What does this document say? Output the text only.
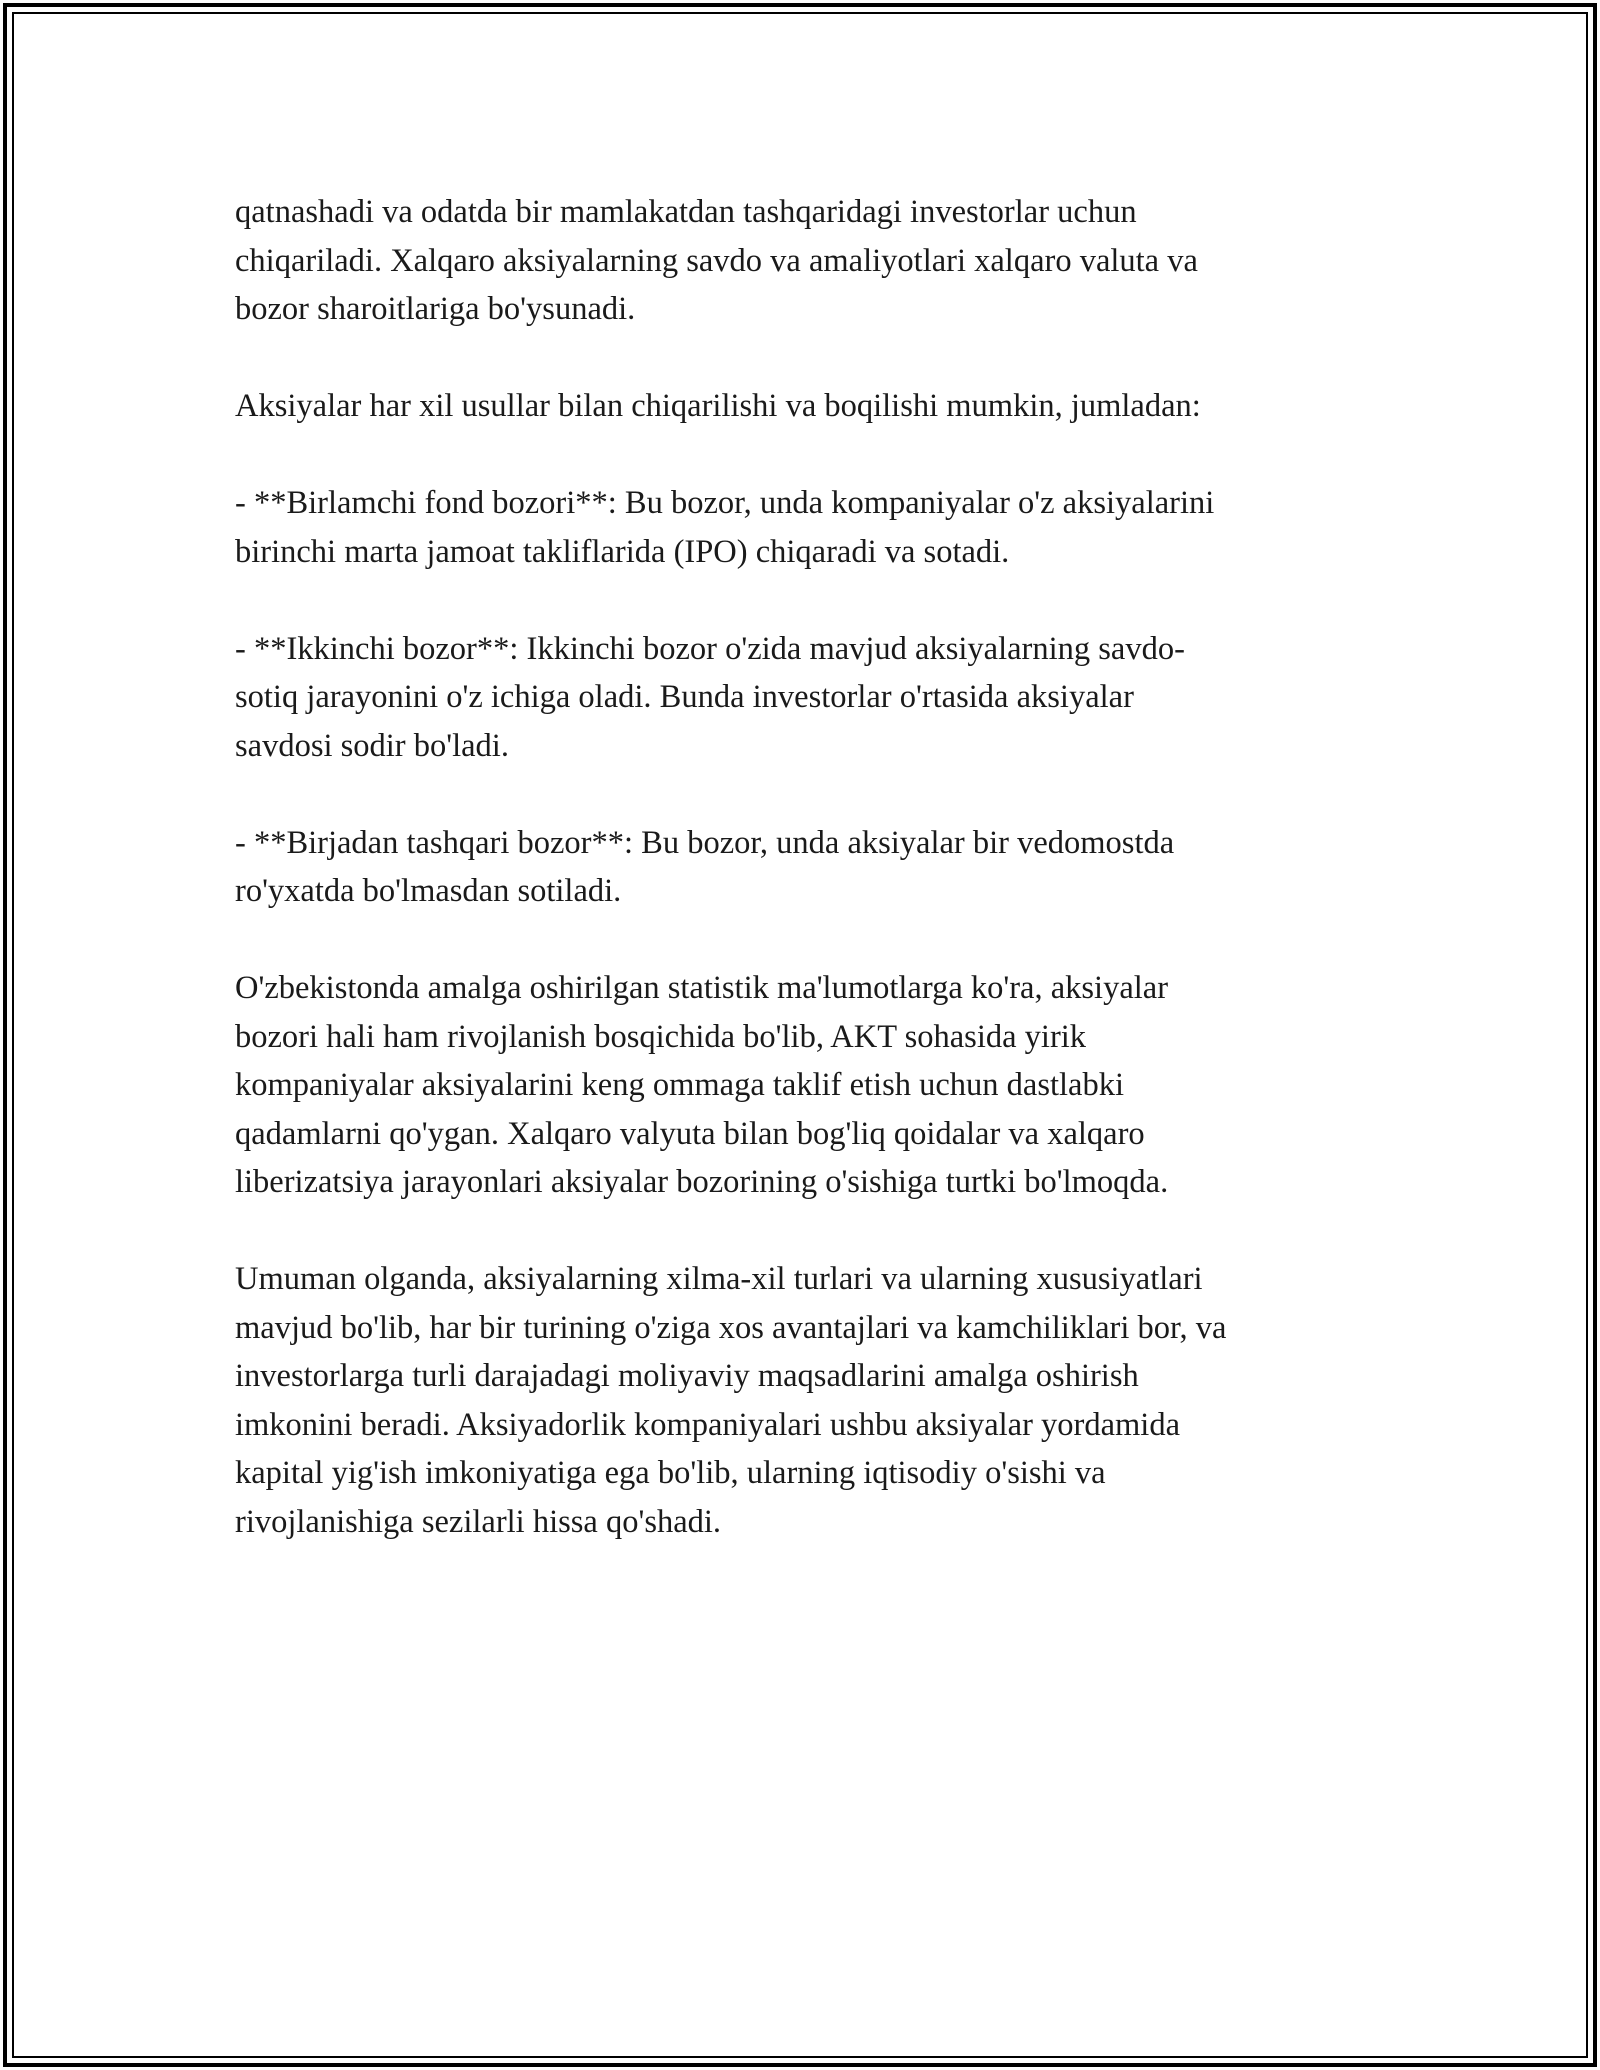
qatnashadi va odatda bir mamlakatdan tashqaridagi investorlar uchun
chiqariladi. Xalqaro aksiyalarning savdo va amaliyotlari xalqaro valuta va
bozor sharoitlariga bo'ysunadi.

Aksiyalar har xil usullar bilan chiqarilishi va boqilishi mumkin, jumladan:

- **Birlamchi fond bozori**: Bu bozor, unda kompaniyalar o'z aksiyalarini
birinchi marta jamoat takliflarida (IPO) chiqaradi va sotadi.

- **Ikkinchi bozor**: Ikkinchi bozor o'zida mavjud aksiyalarning savdo-
sotiq jarayonini o'z ichiga oladi. Bunda investorlar o'rtasida aksiyalar
savdosi sodir bo'ladi.

- **Birjadan tashqari bozor**: Bu bozor, unda aksiyalar bir vedomostda
ro'yxatda bo'lmasdan sotiladi.

O'zbekistonda amalga oshirilgan statistik ma'lumotlarga ko'ra, aksiyalar
bozori hali ham rivojlanish bosqichida bo'lib, AKT sohasida yirik
kompaniyalar aksiyalarini keng ommaga taklif etish uchun dastlabki
qadamlarni qo'ygan. Xalqaro valyuta bilan bog'liq qoidalar va xalqaro
liberizatsiya jarayonlari aksiyalar bozorining o'sishiga turtki bo'lmoqda.

Umuman olganda, aksiyalarning xilma-xil turlari va ularning xususiyatlari
mavjud bo'lib, har bir turining o'ziga xos avantajlari va kamchiliklari bor, va
investorlarga turli darajadagi moliyaviy maqsadlarini amalga oshirish
imkonini beradi. Aksiyadorlik kompaniyalari ushbu aksiyalar yordamida
kapital yig'ish imkoniyatiga ega bo'lib, ularning iqtisodiy o'sishi va
rivojlanishiga sezilarli hissa qo'shadi.
